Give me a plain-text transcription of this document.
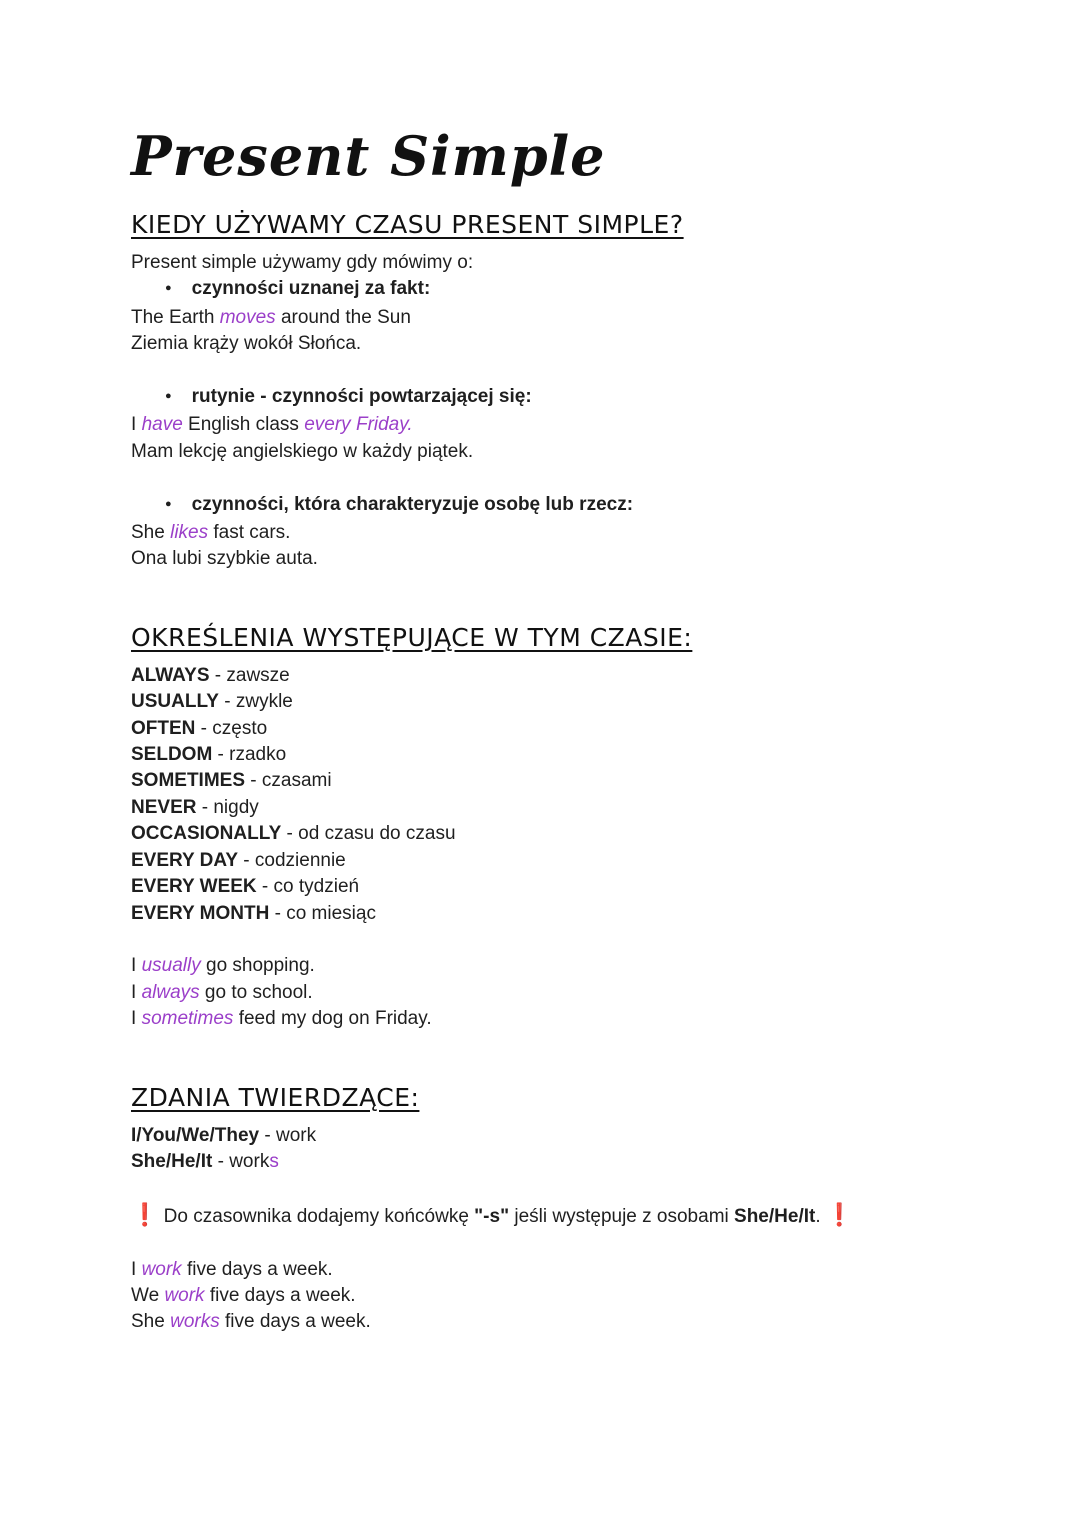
Present Simple
KIEDY UŻYWAMY CZASU PRESENT SIMPLE?

Present simple używamy gdy mówimy o:

● czynności uznanej za fakt:

The Earth moves around the Sun

Ziemia krąży wokół Słońca.

● rutynie - czynności powtarzającej się:

I have English class every Friday.

Mam lekcję angielskiego w każdy piątek.

● czynności, która charakteryzuje osobę lub rzecz:

She likes fast cars.

Ona lubi szybkie auta.

OKREŚLENIA WYSTĘPUJĄCE W TYM CZASIE:

ALWAYS - zawsze

USUALLY - zwykle

OFTEN - często

SELDOM - rzadko

SOMETIMES - czasami

NEVER - nigdy

OCCASIONALLY - od czasu do czasu

EVERY DAY - codziennie

EVERY WEEK - co tydzień

EVERY MONTH - co miesiąc

I usually go shopping.

I always go to school.

I sometimes feed my dog on Friday.

ZDANIA TWIERDZĄCE:

I/You/We/They - work

She/He/It - works

❗ Do czasownika dodajemy końcówkę "-s" jeśli występuje z osobami She/He/It. ❗

I work five days a week.

We work five days a week.

She works five days a week.
